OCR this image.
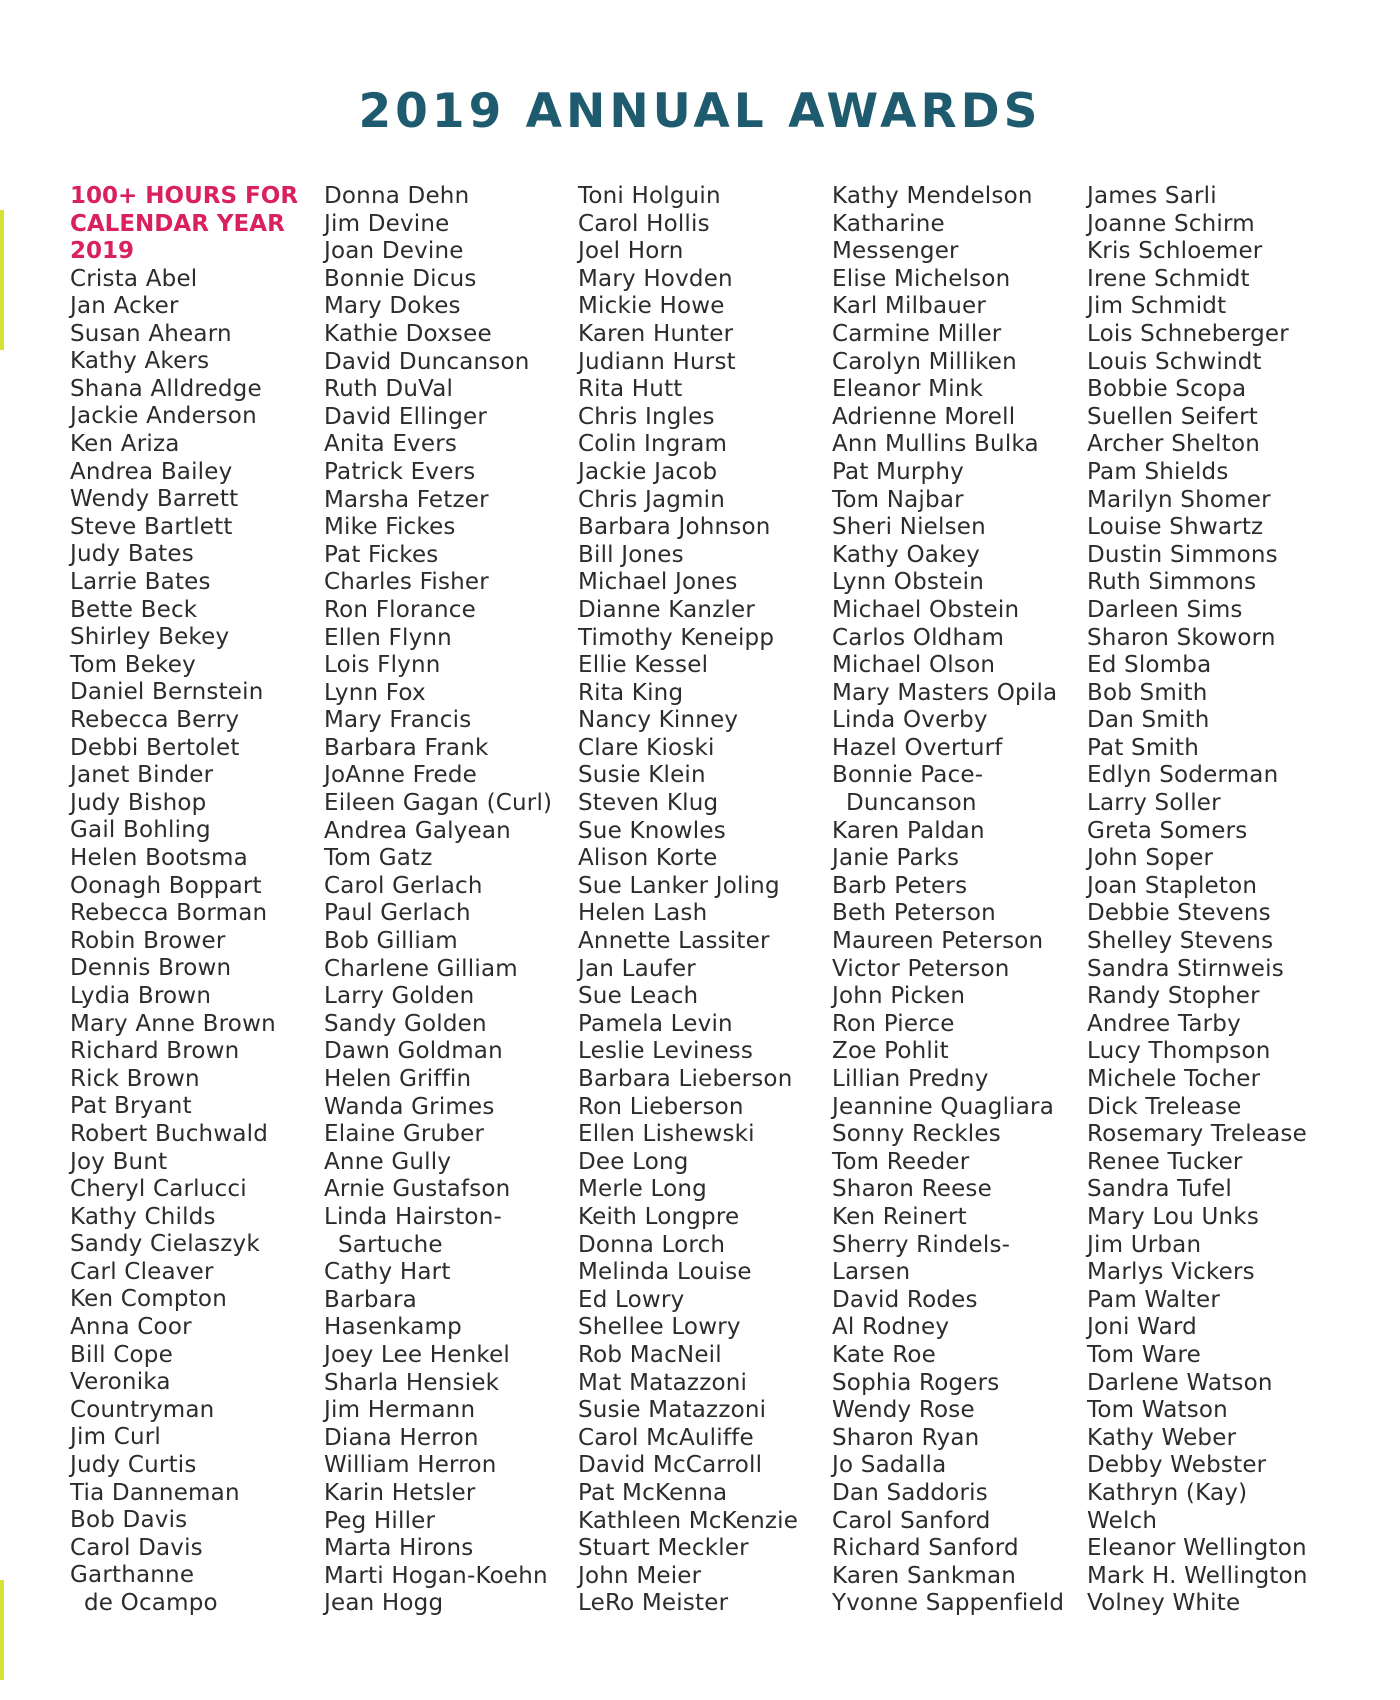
2019 ANNUAL AWARDS
100+ HOURS FOR
CALENDAR YEAR
2019
Crista Abel
Jan Acker
Susan Ahearn
Kathy Akers
Shana Alldredge
Jackie Anderson
Ken Ariza
Andrea Bailey
Wendy Barrett
Steve Bartlett
Judy Bates
Larrie Bates
Bette Beck
Shirley Bekey
Tom Bekey
Daniel Bernstein
Rebecca Berry
Debbi Bertolet
Janet Binder
Judy Bishop
Gail Bohling
Helen Bootsma
Oonagh Boppart
Rebecca Borman
Robin Brower
Dennis Brown
Lydia Brown
Mary Anne Brown
Richard Brown
Rick Brown
Pat Bryant
Robert Buchwald
Joy Bunt
Cheryl Carlucci
Kathy Childs
Sandy Cielaszyk
Carl Cleaver
Ken Compton
Anna Coor
Bill Cope
Veronika
Countryman
Jim Curl
Judy Curtis
Tia Danneman
Bob Davis
Carol Davis
Garthanne
de Ocampo
Donna Dehn
Jim Devine
Joan Devine
Bonnie Dicus
Mary Dokes
Kathie Doxsee
David Duncanson
Ruth DuVal
David Ellinger
Anita Evers
Patrick Evers
Marsha Fetzer
Mike Fickes
Pat Fickes
Charles Fisher
Ron Florance
Ellen Flynn
Lois Flynn
Lynn Fox
Mary Francis
Barbara Frank
JoAnne Frede
Eileen Gagan (Curl)
Andrea Galyean
Tom Gatz
Carol Gerlach
Paul Gerlach
Bob Gilliam
Charlene Gilliam
Larry Golden
Sandy Golden
Dawn Goldman
Helen Griffin
Wanda Grimes
Elaine Gruber
Anne Gully
Arnie Gustafson
Linda Hairston-
Sartuche
Cathy Hart
Barbara
Hasenkamp
Joey Lee Henkel
Sharla Hensiek
Jim Hermann
Diana Herron
William Herron
Karin Hetsler
Peg Hiller
Marta Hirons
Marti Hogan-Koehn
Jean Hogg
Toni Holguin
Carol Hollis
Joel Horn
Mary Hovden
Mickie Howe
Karen Hunter
Judiann Hurst
Rita Hutt
Chris Ingles
Colin Ingram
Jackie Jacob
Chris Jagmin
Barbara Johnson
Bill Jones
Michael Jones
Dianne Kanzler
Timothy Keneipp
Ellie Kessel
Rita King
Nancy Kinney
Clare Kioski
Susie Klein
Steven Klug
Sue Knowles
Alison Korte
Sue Lanker Joling
Helen Lash
Annette Lassiter
Jan Laufer
Sue Leach
Pamela Levin
Leslie Leviness
Barbara Lieberson
Ron Lieberson
Ellen Lishewski
Dee Long
Merle Long
Keith Longpre
Donna Lorch
Melinda Louise
Ed Lowry
Shellee Lowry
Rob MacNeil
Mat Matazzoni
Susie Matazzoni
Carol McAuliffe
David McCarroll
Pat McKenna
Kathleen McKenzie
Stuart Meckler
John Meier
LeRo Meister
Kathy Mendelson
Katharine
Messenger
Elise Michelson
Karl Milbauer
Carmine Miller
Carolyn Milliken
Eleanor Mink
Adrienne Morell
Ann Mullins Bulka
Pat Murphy
Tom Najbar
Sheri Nielsen
Kathy Oakey
Lynn Obstein
Michael Obstein
Carlos Oldham
Michael Olson
Mary Masters Opila
Linda Overby
Hazel Overturf
Bonnie Pace-
Duncanson
Karen Paldan
Janie Parks
Barb Peters
Beth Peterson
Maureen Peterson
Victor Peterson
John Picken
Ron Pierce
Zoe Pohlit
Lillian Predny
Jeannine Quagliara
Sonny Reckles
Tom Reeder
Sharon Reese
Ken Reinert
Sherry Rindels-
Larsen
David Rodes
Al Rodney
Kate Roe
Sophia Rogers
Wendy Rose
Sharon Ryan
Jo Sadalla
Dan Saddoris
Carol Sanford
Richard Sanford
Karen Sankman
Yvonne Sappenfield
James Sarli
Joanne Schirm
Kris Schloemer
Irene Schmidt
Jim Schmidt
Lois Schneberger
Louis Schwindt
Bobbie Scopa
Suellen Seifert
Archer Shelton
Pam Shields
Marilyn Shomer
Louise Shwartz
Dustin Simmons
Ruth Simmons
Darleen Sims
Sharon Skoworn
Ed Slomba
Bob Smith
Dan Smith
Pat Smith
Edlyn Soderman
Larry Soller
Greta Somers
John Soper
Joan Stapleton
Debbie Stevens
Shelley Stevens
Sandra Stirnweis
Randy Stopher
Andree Tarby
Lucy Thompson
Michele Tocher
Dick Trelease
Rosemary Trelease
Renee Tucker
Sandra Tufel
Mary Lou Unks
Jim Urban
Marlys Vickers
Pam Walter
Joni Ward
Tom Ware
Darlene Watson
Tom Watson
Kathy Weber
Debby Webster
Kathryn (Kay)
Welch
Eleanor Wellington
Mark H. Wellington
Volney White
